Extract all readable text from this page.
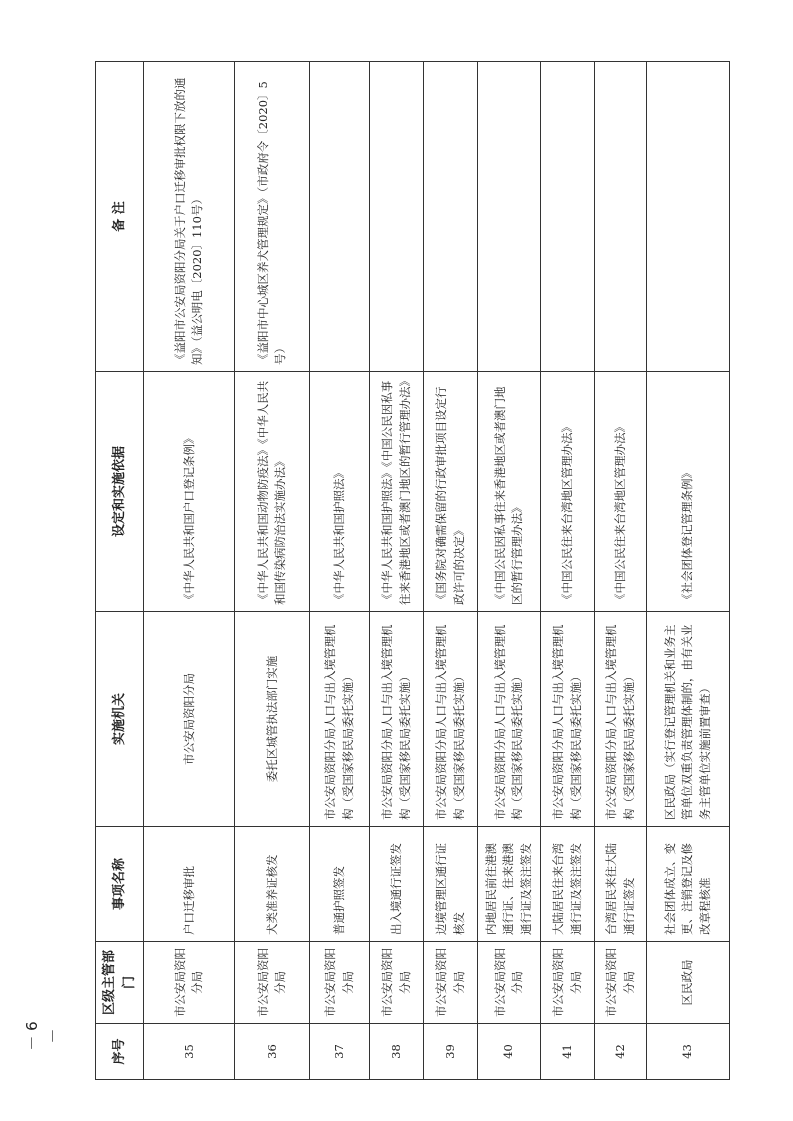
序号	区级主管部门	事项名称	实施机关	设定和实施依据	备 注
35	市公安局资阳分局	户口迁移审批	市公安局资阳分局	《中华人民共和国户口登记条例》	《益阳市公安局资阳分局关于户口迁移审批权限下放的通知》（益公明电〔2020〕110号）
36	市公安局资阳分局	犬类准养证核发	委托区城管执法部门实施	《中华人民共和国动物防疫法》《中华人民共和国传染病防治法实施办法》	《益阳市中心城区养犬管理规定》（市政府令〔2020〕5号）
37	市公安局资阳分局	普通护照签发	市公安局资阳分局人口与出入境管理机构（受国家移民局委托实施）	《中华人民共和国护照法》	
38	市公安局资阳分局	出入境通行证签发	市公安局资阳分局人口与出入境管理机构（受国家移民局委托实施）	《中华人民共和国护照法》《中国公民因私事往来香港地区或者澳门地区的暂行管理办法》	
39	市公安局资阳分局	边境管理区通行证核发	市公安局资阳分局人口与出入境管理机构（受国家移民局委托实施）	《国务院对确需保留的行政审批项目设定行政许可的决定》	
40	市公安局资阳分局	内地居民前往港澳通行证、往来港澳通行证及签注签发	市公安局资阳分局人口与出入境管理机构（受国家移民局委托实施）	《中国公民因私事往来香港地区或者澳门地区的暂行管理办法》	
41	市公安局资阳分局	大陆居民往来台湾通行证及签注签发	市公安局资阳分局人口与出入境管理机构（受国家移民局委托实施）	《中国公民往来台湾地区管理办法》	
42	市公安局资阳分局	台湾居民来往大陆通行证签发	市公安局资阳分局人口与出入境管理机构（受国家移民局委托实施）	《中国公民往来台湾地区管理办法》	
43	区民政局	社会团体成立、变更、注销登记及修改章程核准	区民政局（实行登记管理机关和业务主管单位双重负责管理体制的，由有关业务主管单位实施前置审查）	《社会团体登记管理条例》	
－ 6 －
